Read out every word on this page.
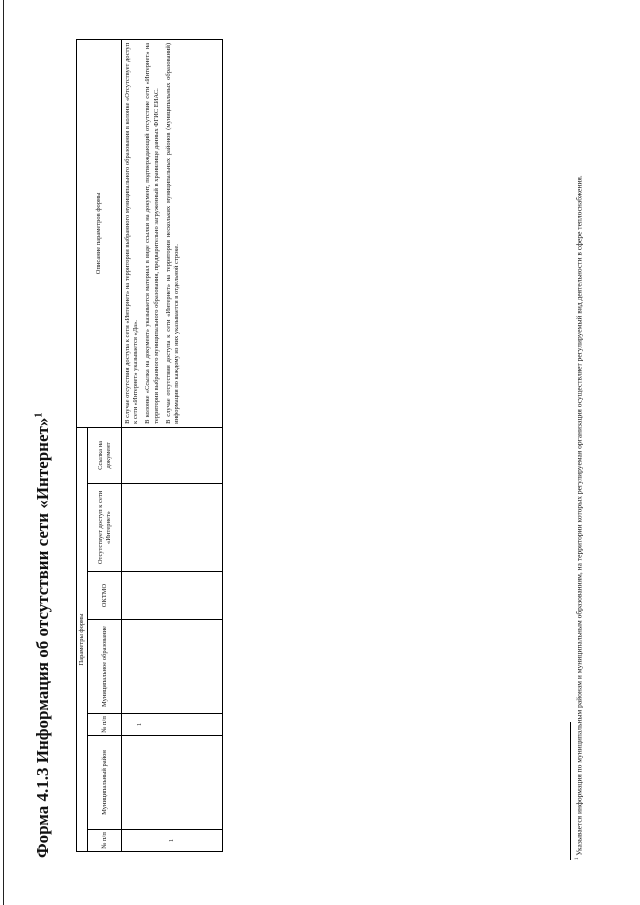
Форма 4.1.3 Информация об отсутствии сети «Интернет»$^1$
Параметры формы							Описание параметров формы
№ п/п	Муниципальный район	№ п/п	Муниципальное образование	ОКТМО	Отсутствует доступ к сети «Интернет»	Ссылка на документ	
1		1					В случае отсутствия доступа к сети «Интернет» на территории выбранного муниципального образования в колонке «Отсутствует доступ к сети «Интернет» указывается «Да». В колонке «Ссылка на документ» указывается материал в виде ссылки на документ, подтверждающий отсутствие сети «Интернет» на территории выбранного муниципального образования, предварительно загруженный в хранилище данных ФГИС ЕИАС. В случае отсутствия доступа к сети «Интернет» на территории нескольких муниципальных районов (муниципальных образований) информация по каждому из них указывается в отдельной строке.

$^1$ Указывается информация по муниципальным районам и муниципальным образованиям, на территории которых регулируемая организация осуществляет регулируемый вид деятельности в сфере теплоснабжения.
